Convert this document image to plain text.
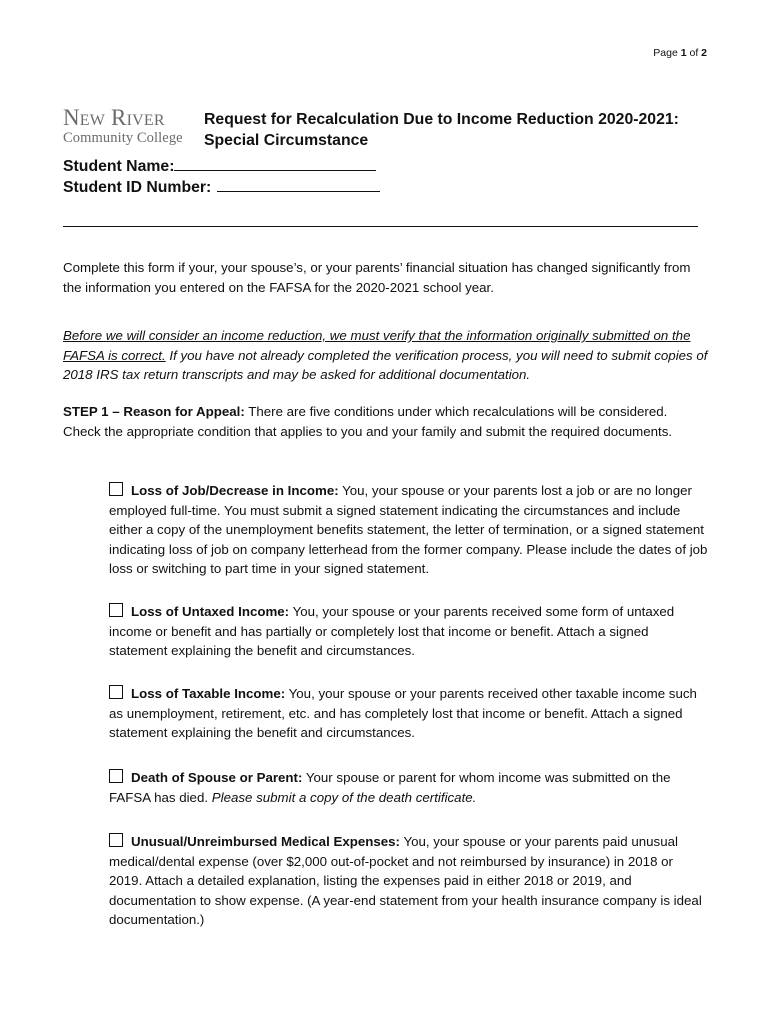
Page 1 of 2
New River
Community College
Request for Recalculation Due to Income Reduction 2020-2021:
Special Circumstance
Student Name:
Student ID Number:
Complete this form if your, your spouse’s, or your parents’ financial situation has changed significantly from the information you entered on the FAFSA for the 2020-2021 school year.
Before we will consider an income reduction, we must verify that the information originally submitted on the FAFSA is correct. If you have not already completed the verification process, you will need to submit copies of 2018 IRS tax return transcripts and may be asked for additional documentation.
STEP 1 – Reason for Appeal: There are five conditions under which recalculations will be considered. Check the appropriate condition that applies to you and your family and submit the required documents.
Loss of Job/Decrease in Income: You, your spouse or your parents lost a job or are no longer employed full-time. You must submit a signed statement indicating the circumstances and include either a copy of the unemployment benefits statement, the letter of termination, or a signed statement indicating loss of job on company letterhead from the former company. Please include the dates of job loss or switching to part time in your signed statement.
Loss of Untaxed Income: You, your spouse or your parents received some form of untaxed income or benefit and has partially or completely lost that income or benefit. Attach a signed statement explaining the benefit and circumstances.
Loss of Taxable Income: You, your spouse or your parents received other taxable income such as unemployment, retirement, etc. and has completely lost that income or benefit. Attach a signed statement explaining the benefit and circumstances.
Death of Spouse or Parent: Your spouse or parent for whom income was submitted on the FAFSA has died. Please submit a copy of the death certificate.
Unusual/Unreimbursed Medical Expenses: You, your spouse or your parents paid unusual medical/dental expense (over $2,000 out-of-pocket and not reimbursed by insurance) in 2018 or 2019. Attach a detailed explanation, listing the expenses paid in either 2018 or 2019, and documentation to show expense. (A year-end statement from your health insurance company is ideal documentation.)
